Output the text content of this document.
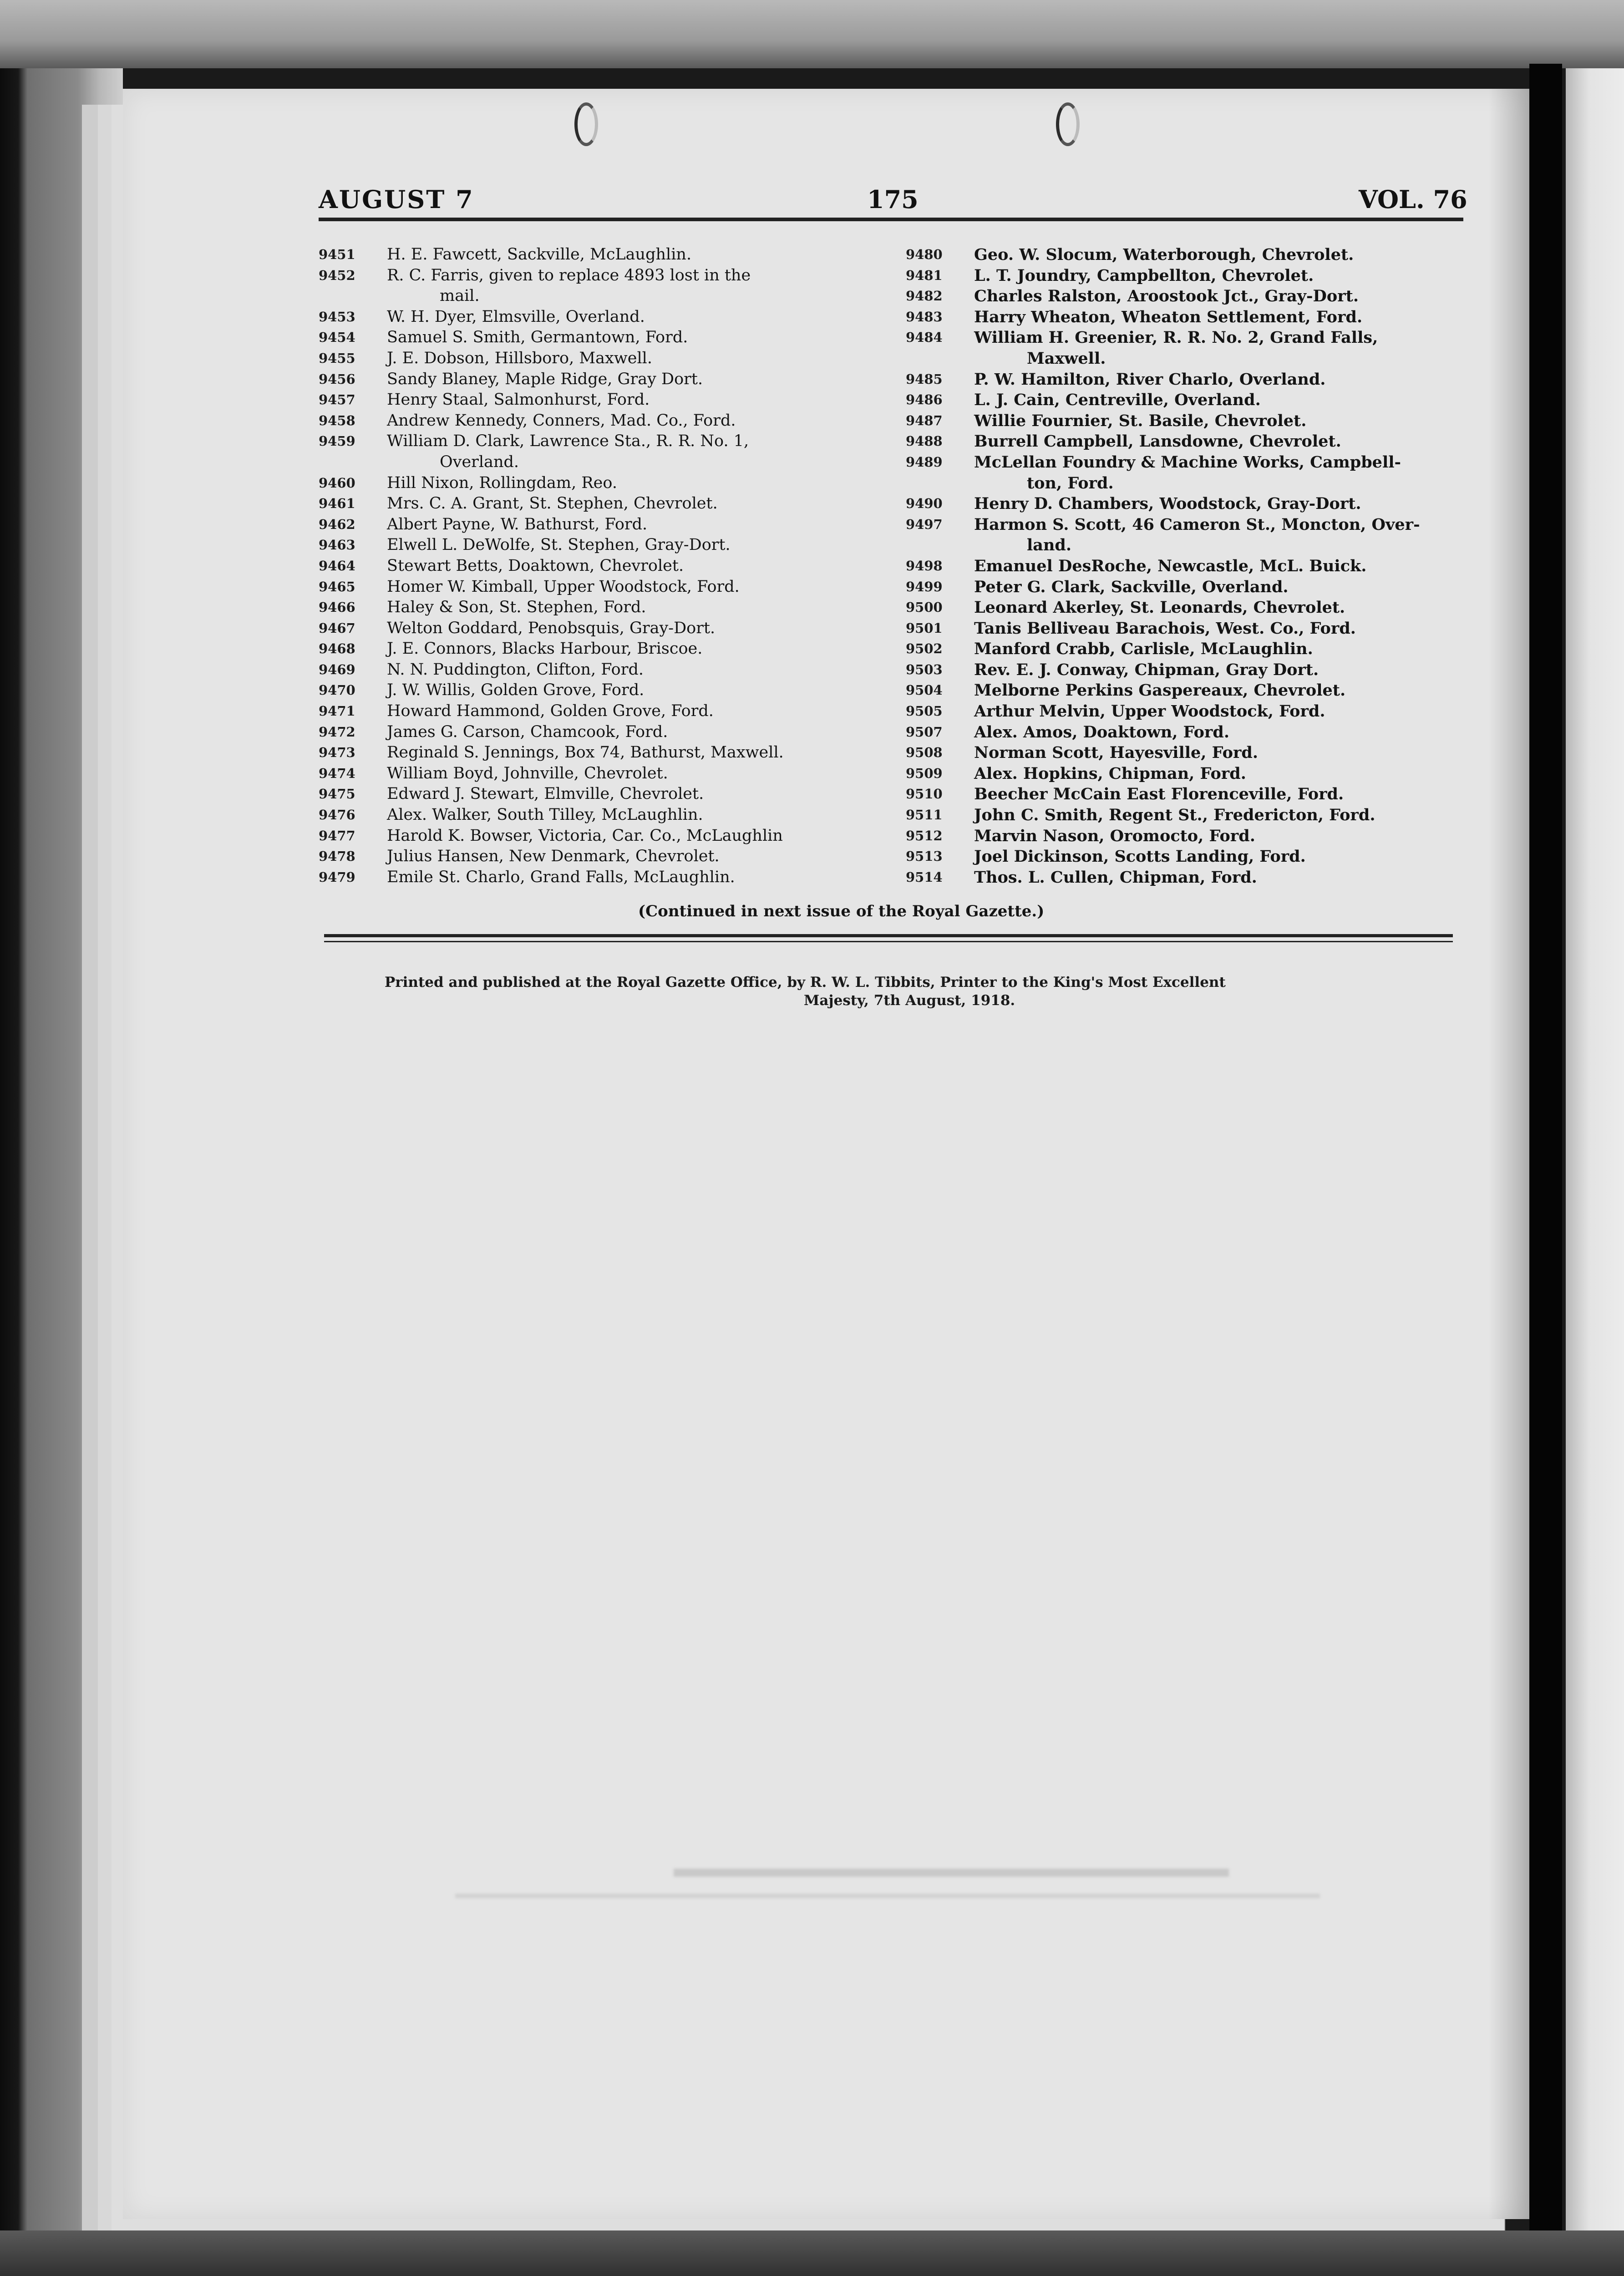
AUGUST 7	175	VOL. 76
9451	H. E. Fawcett, Sackville, McLaughlin.
9452	R. C. Farris, given to replace 4893 lost in the
mail.
9453	W. H. Dyer, Elmsville, Overland.
9454	Samuel S. Smith, Germantown, Ford.
9455	J. E. Dobson, Hillsboro, Maxwell.
9456	Sandy Blaney, Maple Ridge, Gray Dort.
9457	Henry Staal, Salmonhurst, Ford.
9458	Andrew Kennedy, Conners, Mad. Co., Ford.
9459	William D. Clark, Lawrence Sta., R. R. No. 1,
Overland.
9460	Hill Nixon, Rollingdam, Reo.
9461	Mrs. C. A. Grant, St. Stephen, Chevrolet.
9462	Albert Payne, W. Bathurst, Ford.
9463	Elwell L. DeWolfe, St. Stephen, Gray-Dort.
9464	Stewart Betts, Doaktown, Chevrolet.
9465	Homer W. Kimball, Upper Woodstock, Ford.
9466	Haley & Son, St. Stephen, Ford.
9467	Welton Goddard, Penobsquis, Gray-Dort.
9468	J. E. Connors, Blacks Harbour, Briscoe.
9469	N. N. Puddington, Clifton, Ford.
9470	J. W. Willis, Golden Grove, Ford.
9471	Howard Hammond, Golden Grove, Ford.
9472	James G. Carson, Chamcook, Ford.
9473	Reginald S. Jennings, Box 74, Bathurst, Maxwell.
9474	William Boyd, Johnville, Chevrolet.
9475	Edward J. Stewart, Elmville, Chevrolet.
9476	Alex. Walker, South Tilley, McLaughlin.
9477	Harold K. Bowser, Victoria, Car. Co., McLaughlin
9478	Julius Hansen, New Denmark, Chevrolet.
9479	Emile St. Charlo, Grand Falls, McLaughlin.
9480	Geo. W. Slocum, Waterborough, Chevrolet.
9481	L. T. Joundry, Campbellton, Chevrolet.
9482	Charles Ralston, Aroostook Jct., Gray-Dort.
9483	Harry Wheaton, Wheaton Settlement, Ford.
9484	William H. Greenier, R. R. No. 2, Grand Falls,
Maxwell.
9485	P. W. Hamilton, River Charlo, Overland.
9486	L. J. Cain, Centreville, Overland.
9487	Willie Fournier, St. Basile, Chevrolet.
9488	Burrell Campbell, Lansdowne, Chevrolet.
9489	McLellan Foundry & Machine Works, Campbell-
ton, Ford.
9490	Henry D. Chambers, Woodstock, Gray-Dort.
9497	Harmon S. Scott, 46 Cameron St., Moncton, Over-
land.
9498	Emanuel DesRoche, Newcastle, McL. Buick.
9499	Peter G. Clark, Sackville, Overland.
9500	Leonard Akerley, St. Leonards, Chevrolet.
9501	Tanis Belliveau Barachois, West. Co., Ford.
9502	Manford Crabb, Carlisle, McLaughlin.
9503	Rev. E. J. Conway, Chipman, Gray Dort.
9504	Melborne Perkins Gaspereaux, Chevrolet.
9505	Arthur Melvin, Upper Woodstock, Ford.
9507	Alex. Amos, Doaktown, Ford.
9508	Norman Scott, Hayesville, Ford.
9509	Alex. Hopkins, Chipman, Ford.
9510	Beecher McCain East Florenceville, Ford.
9511	John C. Smith, Regent St., Fredericton, Ford.
9512	Marvin Nason, Oromocto, Ford.
9513	Joel Dickinson, Scotts Landing, Ford.
9514	Thos. L. Cullen, Chipman, Ford.
(Continued in next issue of the Royal Gazette.)
Printed and published at the Royal Gazette Office, by R. W. L. Tibbits, Printer to the King's Most Excellent
Majesty, 7th August, 1918.
